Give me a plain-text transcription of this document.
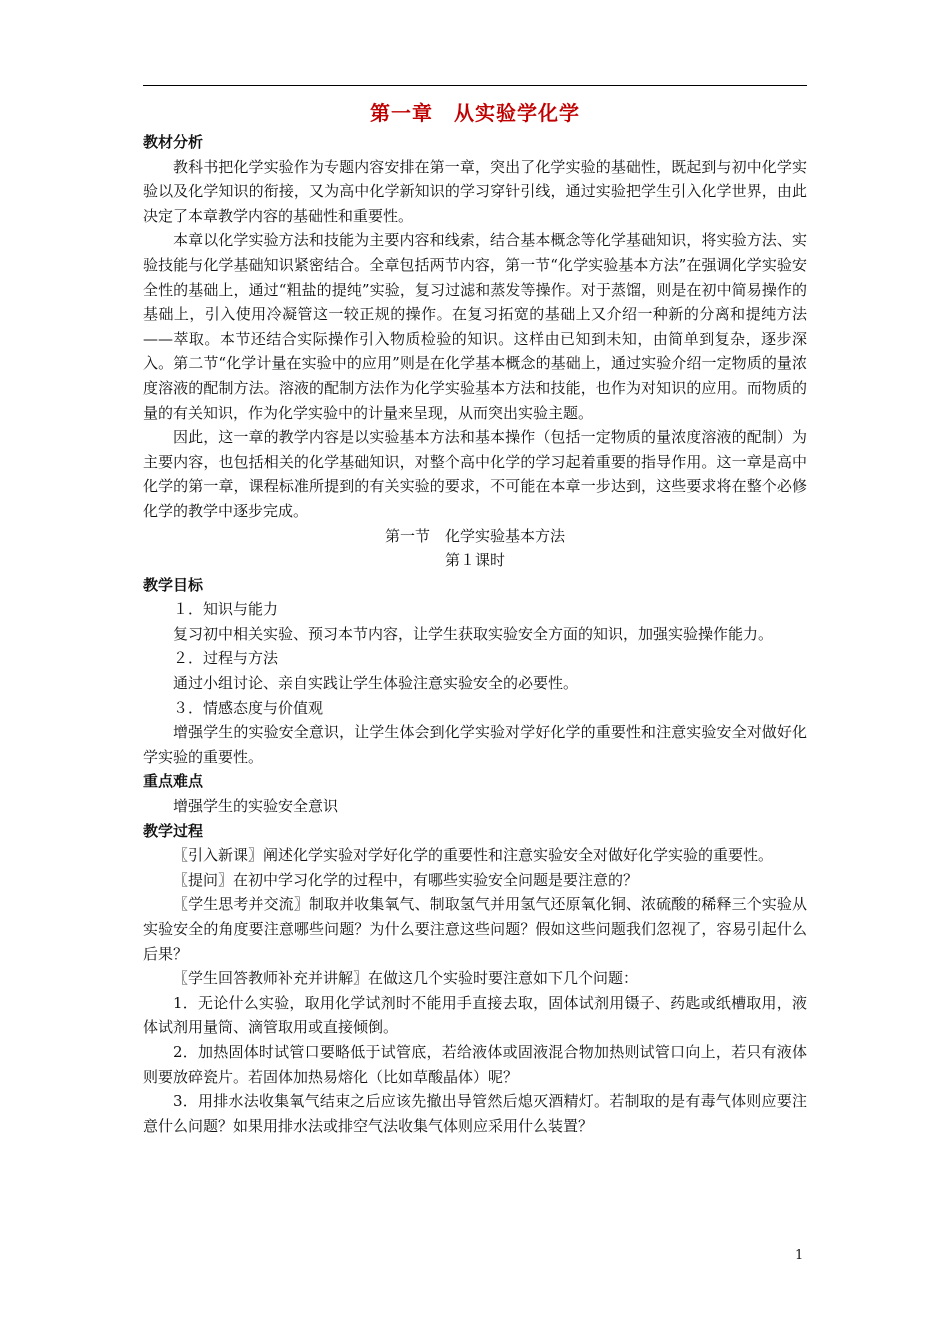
第一章　从实验学化学
教材分析

教科书把化学实验作为专题内容安排在第一章，突出了化学实验的基础性，既起到与初中化学实验以及化学知识的衔接，又为高中化学新知识的学习穿针引线，通过实验把学生引入化学世界，由此决定了本章教学内容的基础性和重要性。

本章以化学实验方法和技能为主要内容和线索，结合基本概念等化学基础知识，将实验方法、实验技能与化学基础知识紧密结合。全章包括两节内容，第一节“化学实验基本方法”在强调化学实验安全性的基础上，通过“粗盐的提纯”实验，复习过滤和蒸发等操作。对于蒸馏，则是在初中简易操作的基础上，引入使用冷凝管这一较正规的操作。在复习拓宽的基础上又介绍一种新的分离和提纯方法——萃取。本节还结合实际操作引入物质检验的知识。这样由已知到未知，由简单到复杂，逐步深入。第二节“化学计量在实验中的应用”则是在化学基本概念的基础上，通过实验介绍一定物质的量浓度溶液的配制方法。溶液的配制方法作为化学实验基本方法和技能，也作为对知识的应用。而物质的量的有关知识，作为化学实验中的计量来呈现，从而突出实验主题。

因此，这一章的教学内容是以实验基本方法和基本操作（包括一定物质的量浓度溶液的配制）为主要内容，也包括相关的化学基础知识，对整个高中化学的学习起着重要的指导作用。这一章是高中化学的第一章，课程标准所提到的有关实验的要求，不可能在本章一步达到，这些要求将在整个必修化学的教学中逐步完成。

第一节　化学实验基本方法
第１课时
教学目标

１．知识与能力

复习初中相关实验、预习本节内容，让学生获取实验安全方面的知识，加强实验操作能力。

２．过程与方法

通过小组讨论、亲自实践让学生体验注意实验安全的必要性。

３．情感态度与价值观

增强学生的实验安全意识，让学生体会到化学实验对学好化学的重要性和注意实验安全对做好化学实验的重要性。

重点难点

增强学生的实验安全意识

教学过程

〖引入新课〗阐述化学实验对学好化学的重要性和注意实验安全对做好化学实验的重要性。

〖提问〗在初中学习化学的过程中，有哪些实验安全问题是要注意的？

〖学生思考并交流〗制取并收集氧气、制取氢气并用氢气还原氧化铜、浓硫酸的稀释三个实验从实验安全的角度要注意哪些问题？为什么要注意这些问题？假如这些问题我们忽视了，容易引起什么后果？

〖学生回答教师补充并讲解〗在做这几个实验时要注意如下几个问题：

1．无论什么实验，取用化学试剂时不能用手直接去取，固体试剂用镊子、药匙或纸槽取用，液体试剂用量筒、滴管取用或直接倾倒。

2．加热固体时试管口要略低于试管底，若给液体或固液混合物加热则试管口向上，若只有液体则要放碎瓷片。若固体加热易熔化（比如草酸晶体）呢？

3．用排水法收集氧气结束之后应该先撤出导管然后熄灭酒精灯。若制取的是有毒气体则应要注意什么问题？如果用排水法或排空气法收集气体则应采用什么装置？

1
